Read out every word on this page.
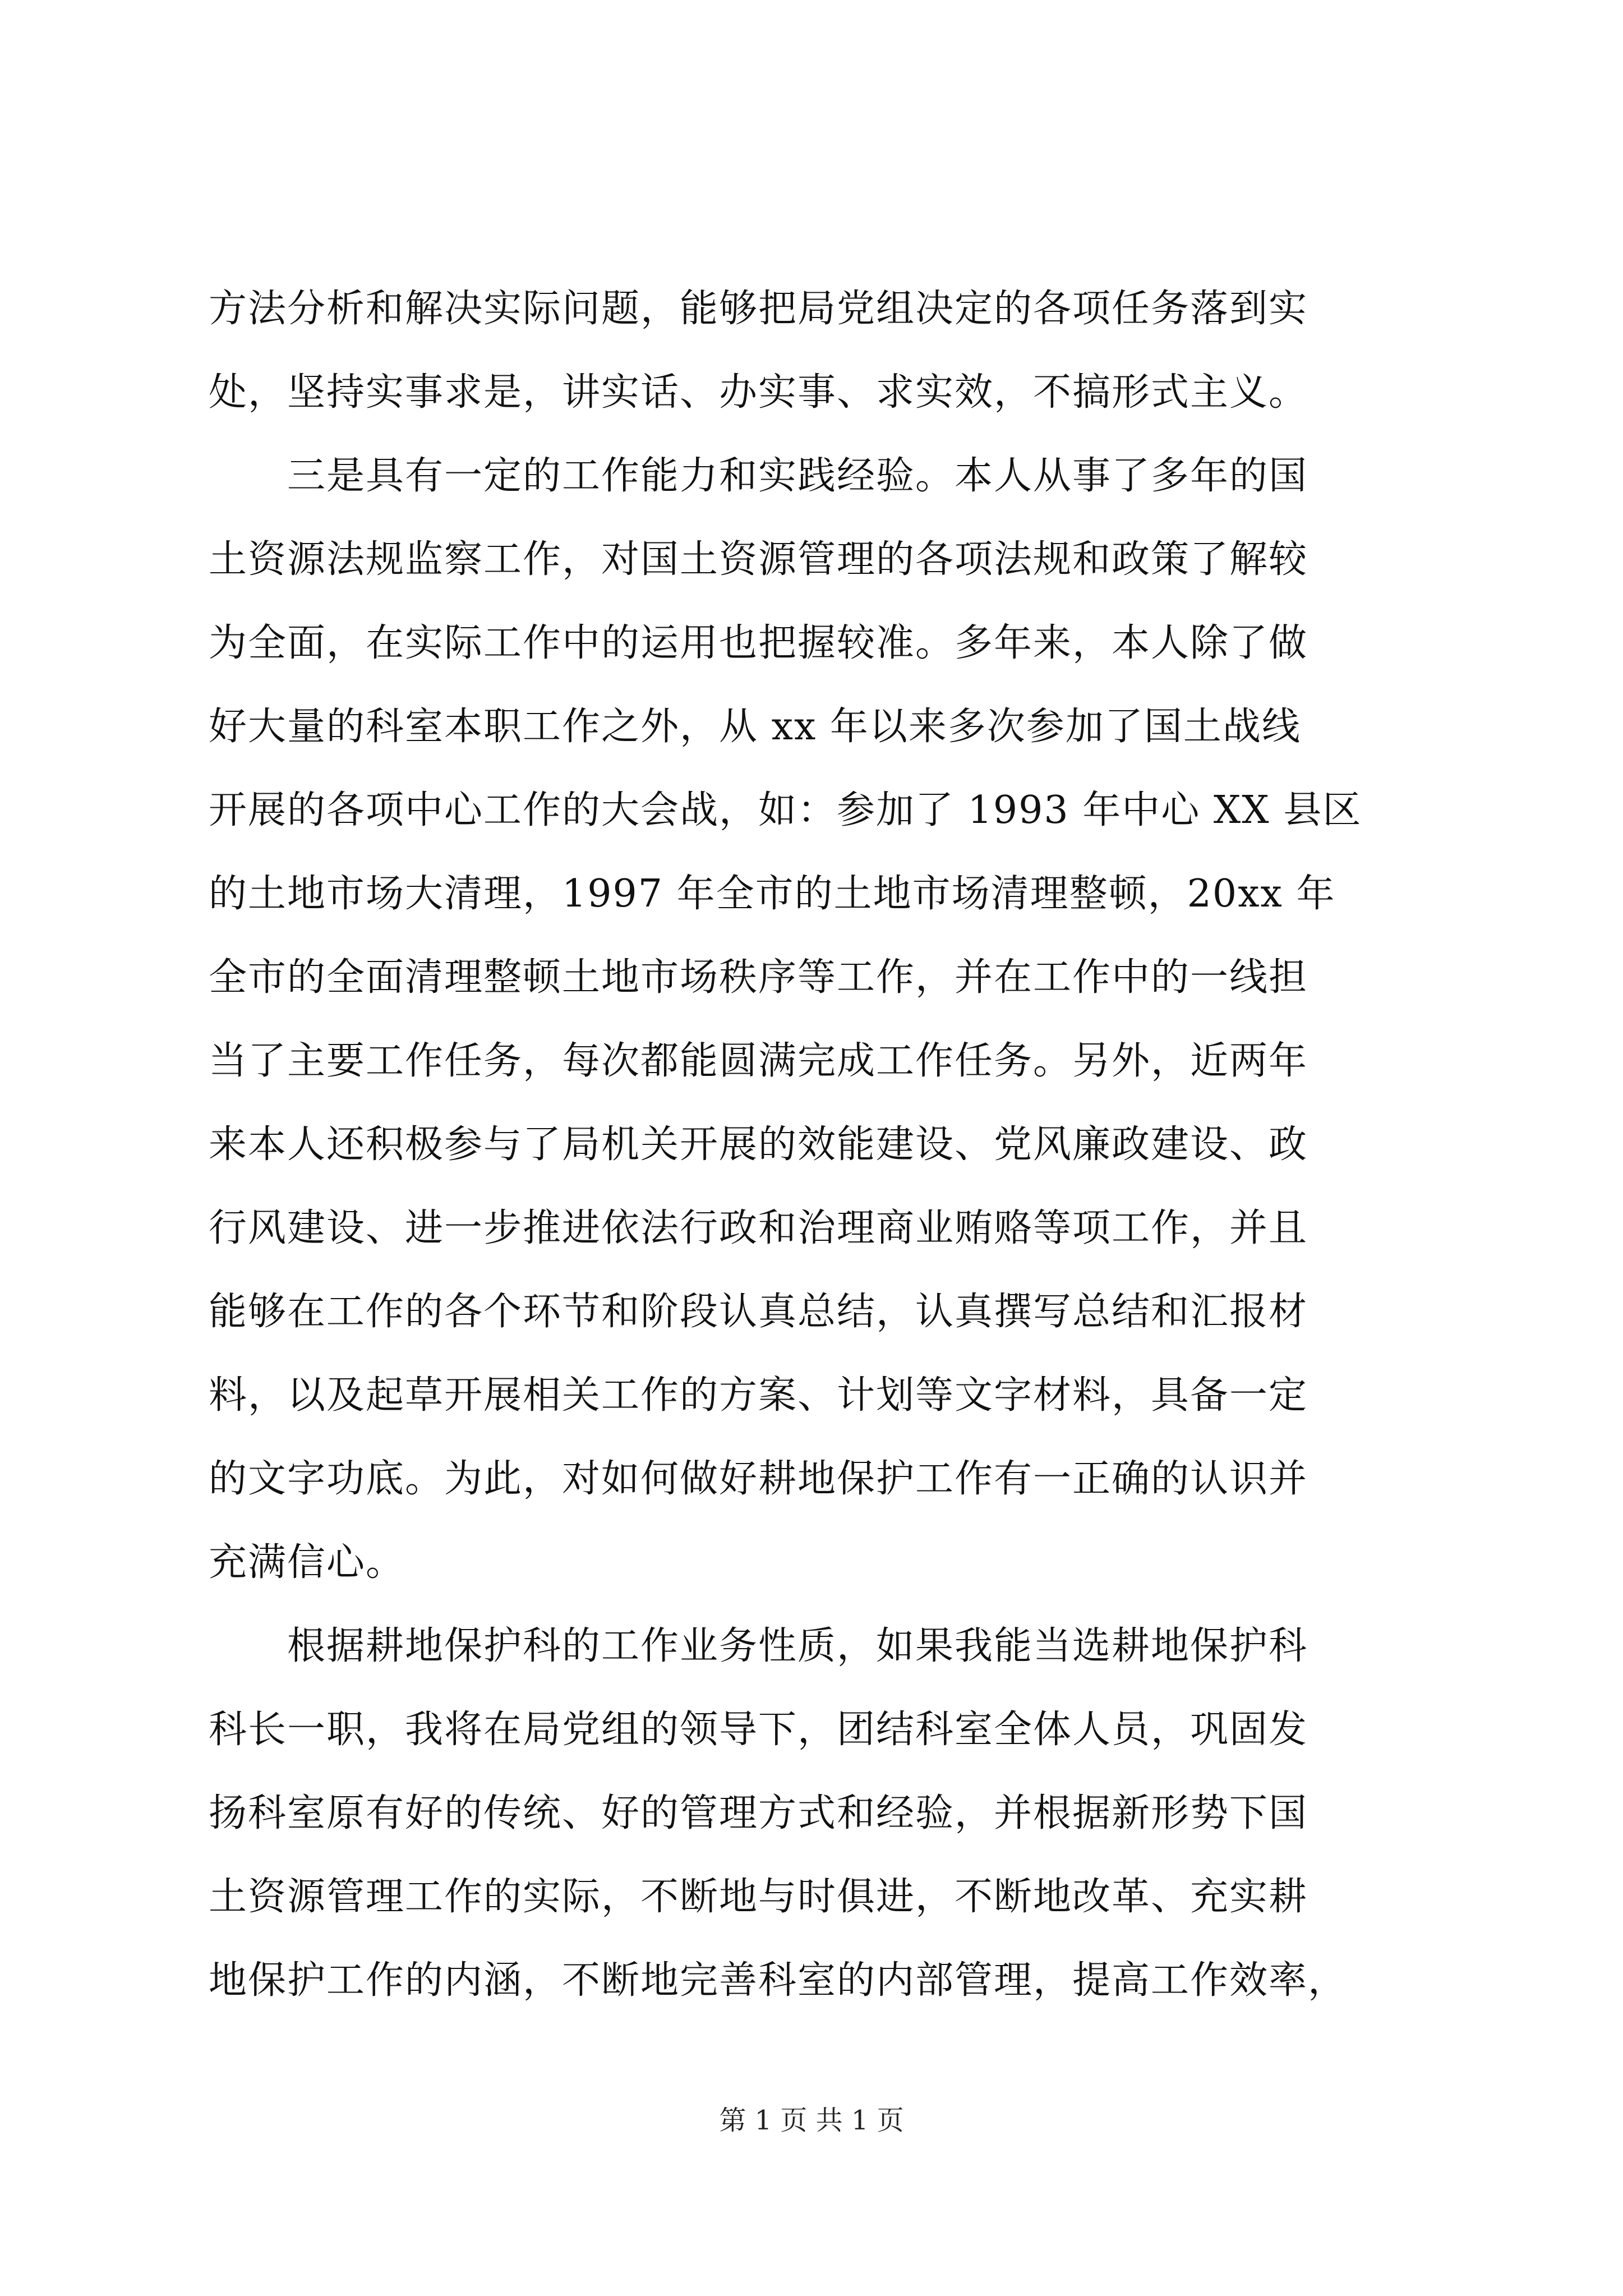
方法分析和解决实际问题，能够把局党组决定的各项任务落到实

处，坚持实事求是，讲实话、办实事、求实效，不搞形式主义。

三是具有一定的工作能力和实践经验。本人从事了多年的国

土资源法规监察工作，对国土资源管理的各项法规和政策了解较

为全面，在实际工作中的运用也把握较准。多年来，本人除了做

好大量的科室本职工作之外，从 xx 年以来多次参加了国土战线

开展的各项中心工作的大会战，如：参加了 1993 年中心 XX 县区

的土地市场大清理，1997 年全市的土地市场清理整顿，20xx 年

全市的全面清理整顿土地市场秩序等工作，并在工作中的一线担

当了主要工作任务，每次都能圆满完成工作任务。另外，近两年

来本人还积极参与了局机关开展的效能建设、党风廉政建设、政

行风建设、进一步推进依法行政和治理商业贿赂等项工作，并且

能够在工作的各个环节和阶段认真总结，认真撰写总结和汇报材

料，以及起草开展相关工作的方案、计划等文字材料，具备一定

的文字功底。为此，对如何做好耕地保护工作有一正确的认识并

充满信心。

根据耕地保护科的工作业务性质，如果我能当选耕地保护科

科长一职，我将在局党组的领导下，团结科室全体人员，巩固发

扬科室原有好的传统、好的管理方式和经验，并根据新形势下国

土资源管理工作的实际，不断地与时俱进，不断地改革、充实耕

地保护工作的内涵，不断地完善科室的内部管理，提高工作效率，

第 1 页 共 1 页
